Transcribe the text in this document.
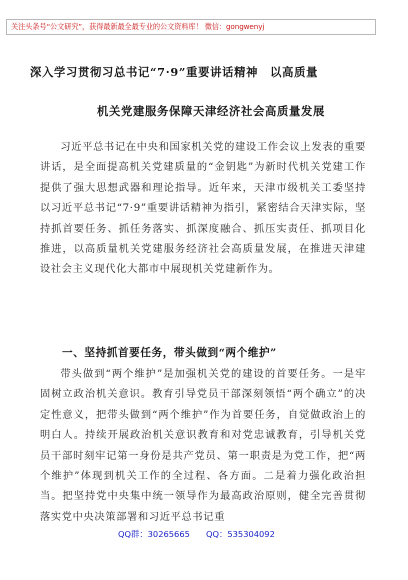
关注头条号“公文研究”，获得最新最全最专业的公文资料库！ 微信：gongwenyj
深入学习贯彻习总书记“7·9”重要讲话精神　以高质量
机关党建服务保障天津经济社会高质量发展
习近平总书记在中央和国家机关党的建设工作会议上发表的重要讲话，是全面提高机关党建质量的“金钥匙”为新时代机关党建工作提供了强大思想武器和理论指导。近年来，天津市级机关工委坚持以习近平总书记“7·9”重要讲话精神为指引，紧密结合天津实际，坚持抓首要任务、抓任务落实、抓深度融合、抓压实责任、抓项目化推进，以高质量机关党建服务经济社会高质量发展，在推进天津建设社会主义现代化大都市中展现机关党建新作为。
一、坚持抓首要任务，带头做到“两个维护”
带头做到“两个维护”是加强机关党的建设的首要任务。一是牢固树立政治机关意识。教育引导党员干部深刻领悟“两个确立”的决定性意义，把带头做到“两个维护”作为首要任务，自觉做政治上的明白人。持续开展政治机关意识教育和对党忠诚教育，引导机关党员干部时刻牢记第一身份是共产党员、第一职责是为党工作，把“两个维护”体现到机关工作的全过程、各方面。二是着力强化政治担当。把坚持党中央集中统一领导作为最高政治原则，健全完善贯彻落实党中央决策部署和习近平总书记重
QQ群：30265665 QQ：535304092
